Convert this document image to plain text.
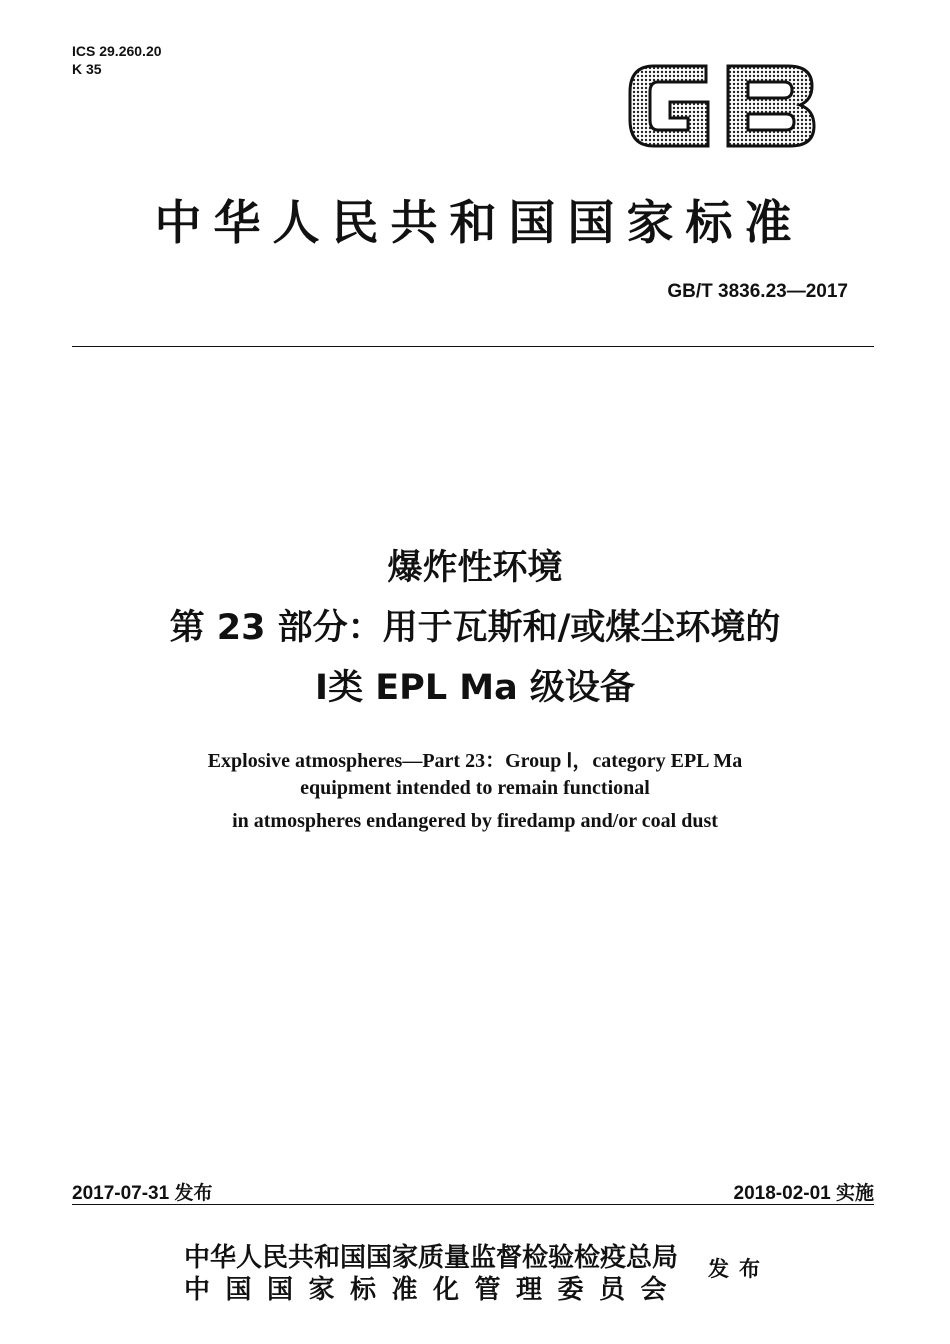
ICS 29.260.20
K 35
中华人民共和国国家标准
GB/T 3836.23—2017
爆炸性环境
第 23 部分：用于瓦斯和/或煤尘环境的
Ⅰ类 EPL Ma 级设备
Explosive atmospheres—Part 23：Group Ⅰ，category EPL Ma
equipment intended to remain functional
in atmospheres endangered by firedamp and/or coal dust
2017-07-31 发布	2018-02-01 实施
中华人民共和国国家质量监督检验检疫总局
中国国家标准化管理委员会
发布
